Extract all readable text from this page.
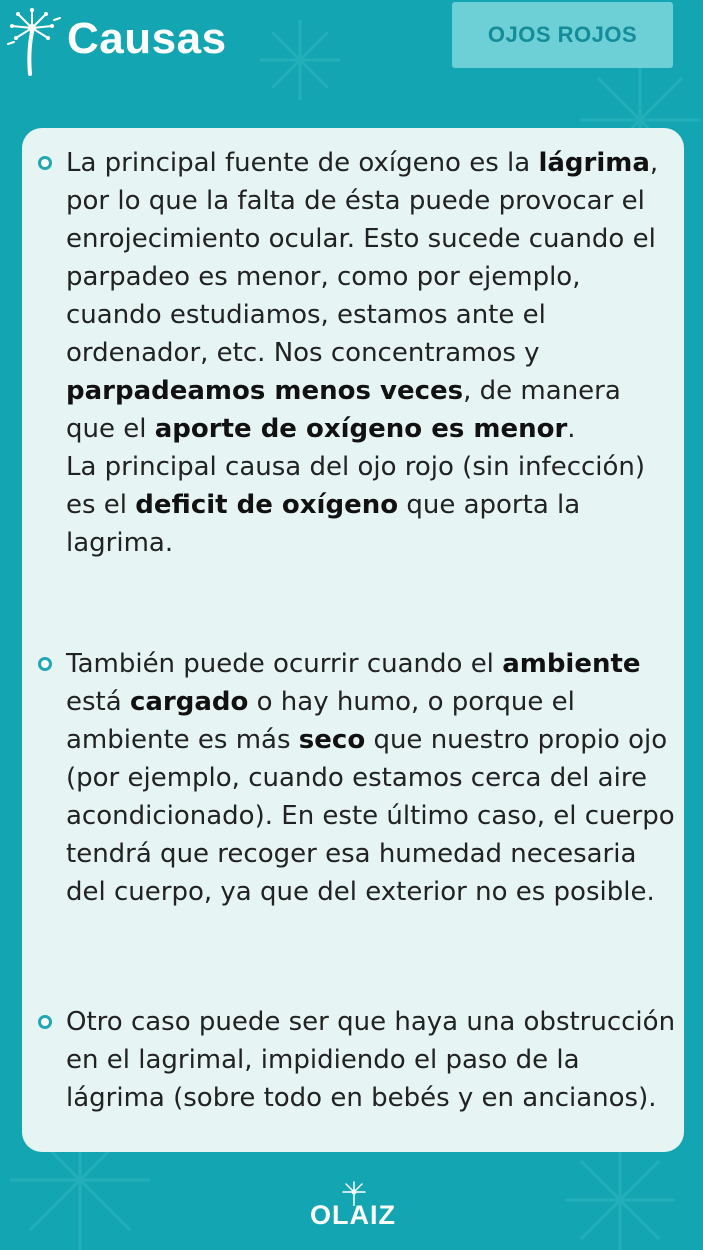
Causas	OJOS ROJOS
La principal fuente de oxígeno es la lágrima, por lo que la falta de ésta puede provocar el enrojecimiento ocular. Esto sucede cuando el parpadeo es menor, como por ejemplo, cuando estudiamos, estamos ante el ordenador, etc. Nos concentramos y parpadeamos menos veces, de manera que el aporte de oxígeno es menor.
La principal causa del ojo rojo (sin infección) es el deficit de oxígeno que aporta la lagrima.
También puede ocurrir cuando el ambiente está cargado o hay humo, o porque el ambiente es más seco que nuestro propio ojo (por ejemplo, cuando estamos cerca del aire acondicionado). En este último caso, el cuerpo tendrá que recoger esa humedad necesaria del cuerpo, ya que del exterior no es posible.
Otro caso puede ser que haya una obstrucción en el lagrimal, impidiendo el paso de la lágrima (sobre todo en bebés y en ancianos).
OLAIZ
